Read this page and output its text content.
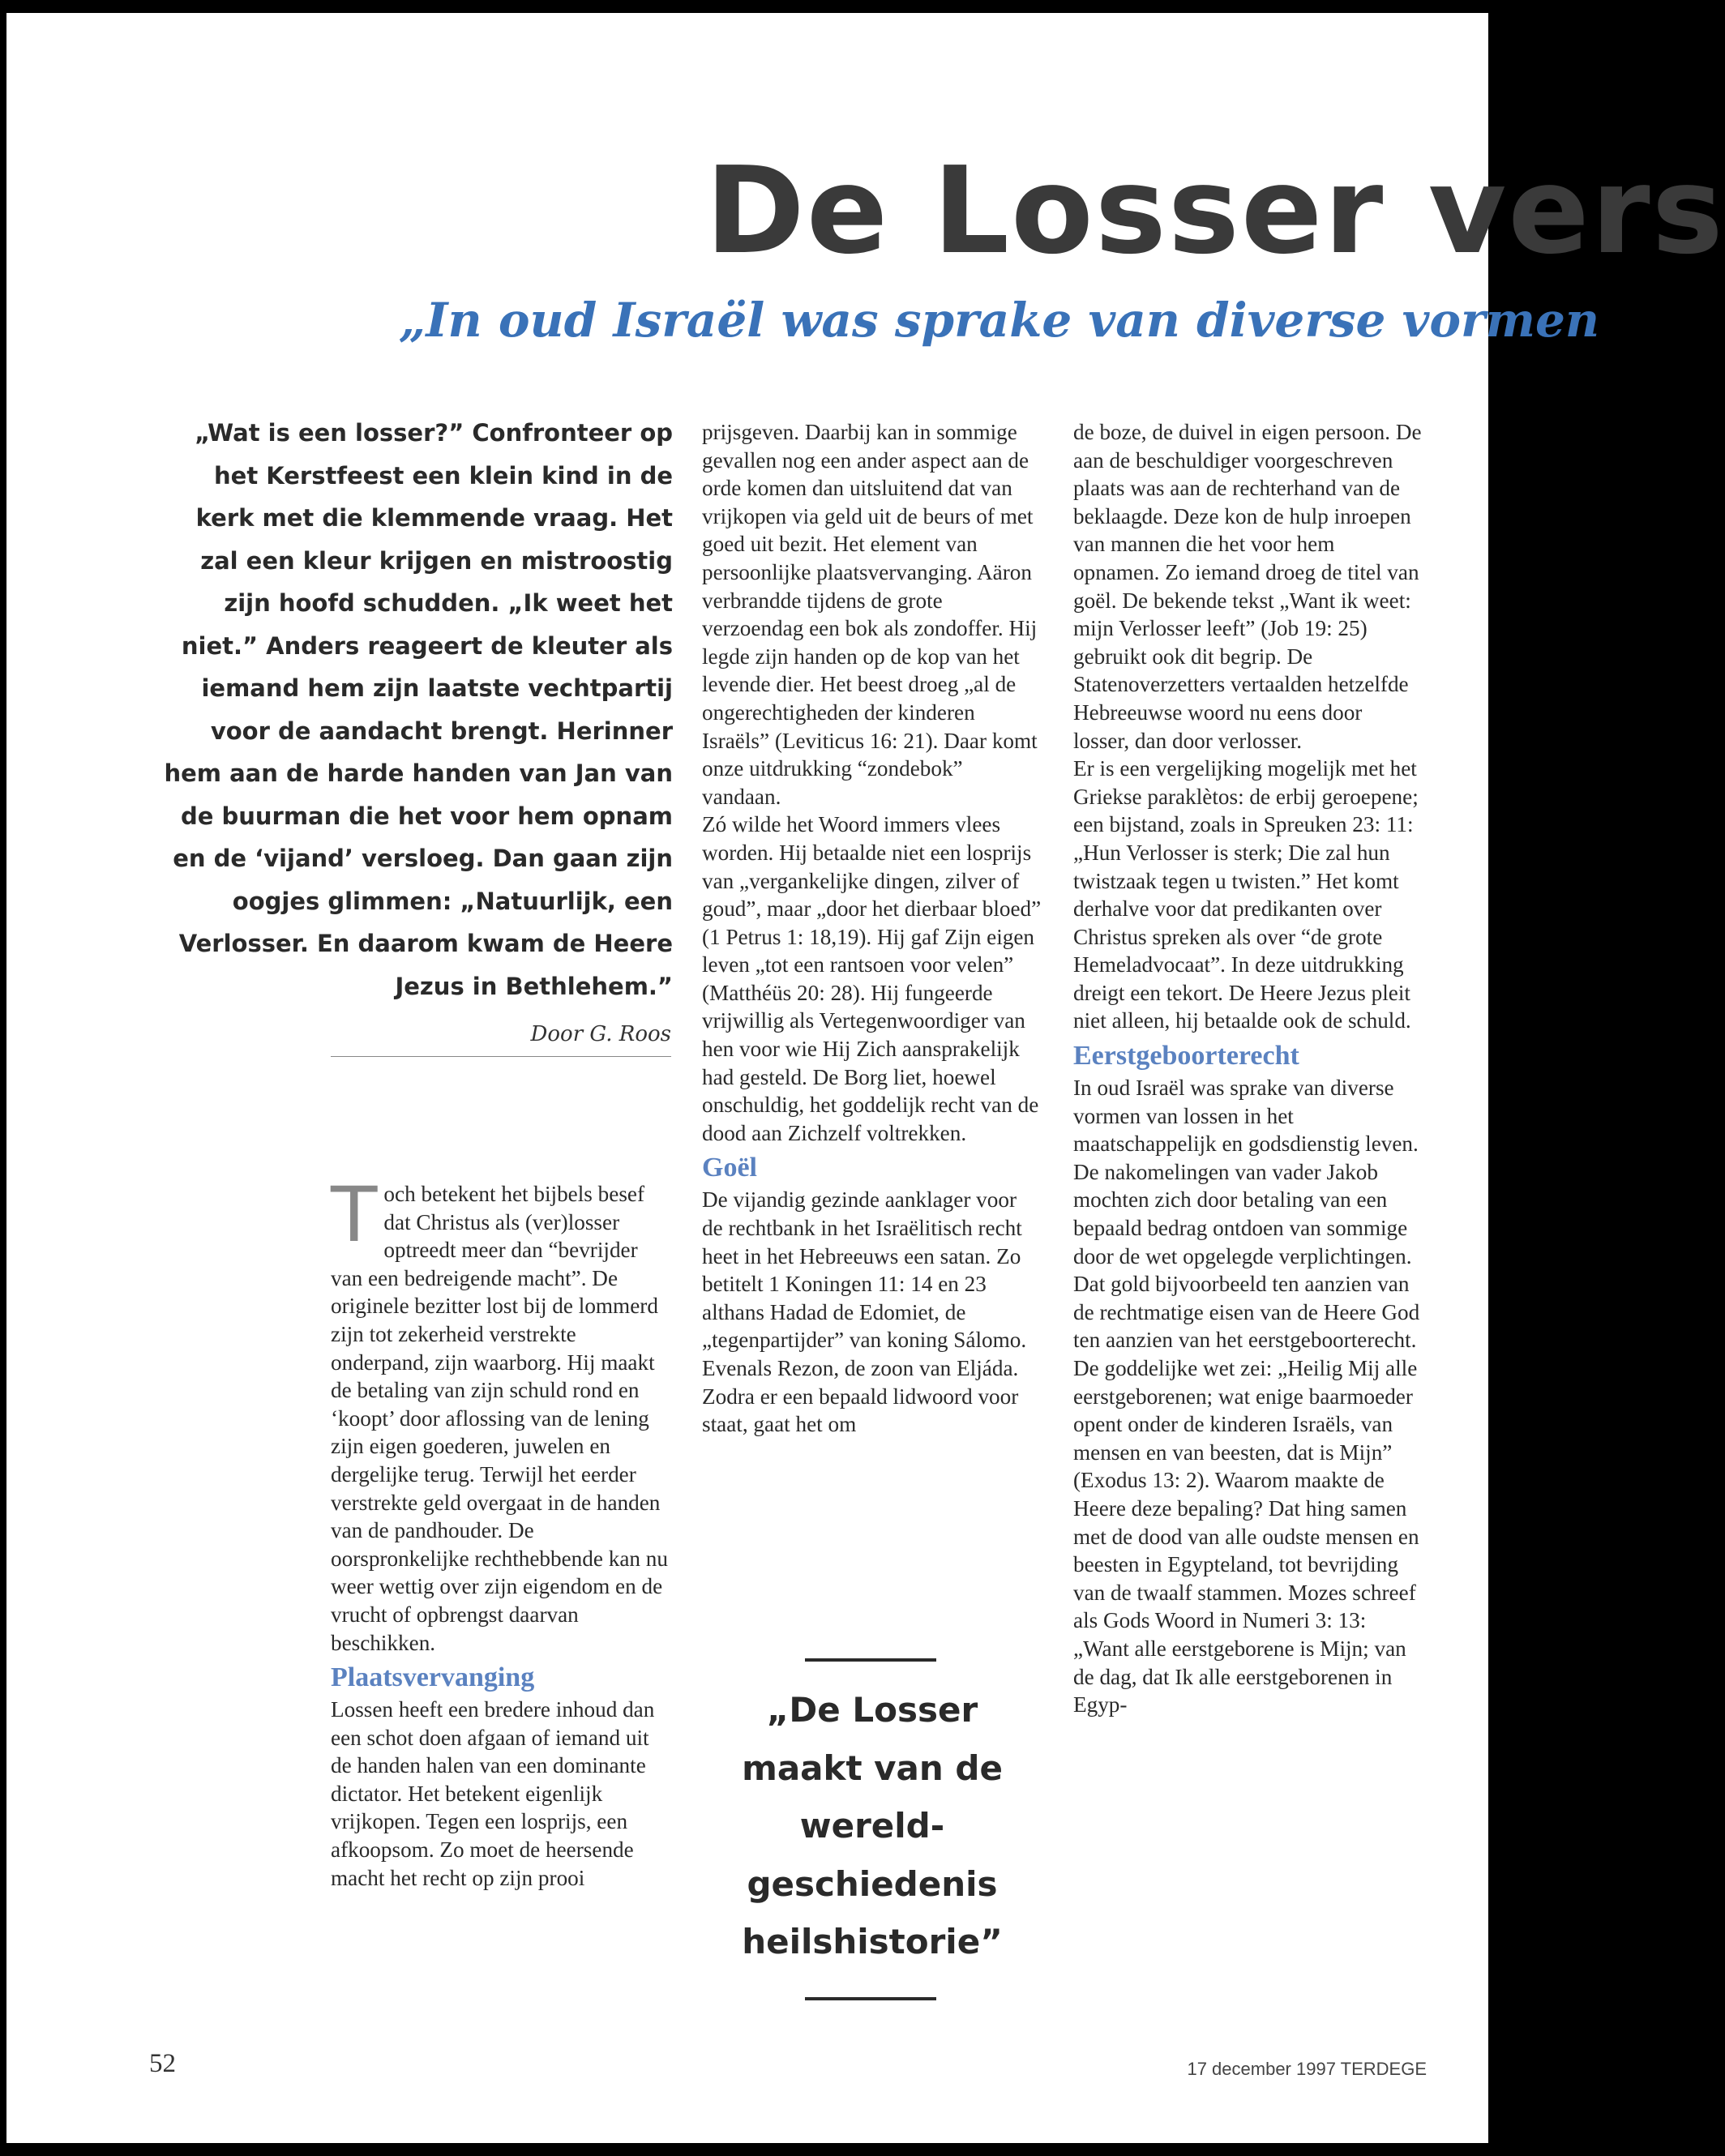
De Losser vers
„In oud Israël was sprake van diverse vormen

„Wat is een losser?” Confronteer op het Kerstfeest een klein kind in de kerk met die klemmende vraag. Het zal een kleur krijgen en mistroostig zijn hoofd schudden. „Ik weet het niet.” Anders reageert de kleuter als iemand hem zijn laatste vechtpartij voor de aandacht brengt. Herinner hem aan de harde handen van Jan van de buurman die het voor hem opnam en de ‘vijand’ versloeg. Dan gaan zijn oogjes glimmen: „Natuurlijk, een Verlosser. En daarom kwam de Heere Jezus in Bethlehem.”

Door G. Roos
T och betekent het bijbels besef dat Christus als (ver)losser optreedt meer dan “bevrijder van een bedreigende macht”. De originele bezitter lost bij de lommerd zijn tot zekerheid verstrekte onderpand, zijn waarborg. Hij maakt de betaling van zijn schuld rond en ‘koopt’ door aflossing van de lening zijn eigen goederen, juwelen en dergelijke terug. Terwijl het eerder verstrekte geld overgaat in de handen van de pandhouder. De oorspronkelijke rechthebbende kan nu weer wettig over zijn eigendom en de vrucht of opbrengst daarvan beschikken.

Plaatsvervanging

Lossen heeft een bredere inhoud dan een schot doen afgaan of iemand uit de handen halen van een dominante dictator. Het betekent eigenlijk vrijkopen. Tegen een losprijs, een afkoopsom. Zo moet de heersende macht het recht op zijn prooi

prijsgeven. Daarbij kan in sommige gevallen nog een ander aspect aan de orde komen dan uitsluitend dat van vrijkopen via geld uit de beurs of met goed uit bezit. Het element van persoonlijke plaatsvervanging. Aäron verbrandde tijdens de grote verzoendag een bok als zondoffer. Hij legde zijn handen op de kop van het levende dier. Het beest droeg „al de ongerechtigheden der kinderen Israëls” (Leviticus 16: 21). Daar komt onze uitdrukking “zondebok” vandaan.

Zó wilde het Woord immers vlees worden. Hij betaalde niet een losprijs van „vergankelijke dingen, zilver of goud”, maar „door het dierbaar bloed” (1 Petrus 1: 18,19). Hij gaf Zijn eigen leven „tot een rantsoen voor velen” (Matthéüs 20: 28). Hij fungeerde vrijwillig als Vertegenwoordiger van hen voor wie Hij Zich aansprakelijk had gesteld. De Borg liet, hoewel onschuldig, het goddelijk recht van de dood aan Zichzelf voltrekken.

Goël

De vijandig gezinde aanklager voor de rechtbank in het Israëlitisch recht heet in het Hebreeuws een satan. Zo betitelt 1 Koningen 11: 14 en 23 althans Hadad de Edomiet, de „tegenpartijder” van koning Sálomo. Evenals Rezon, de zoon van Eljáda. Zodra er een bepaald lidwoord voor staat, gaat het om

„De Losser maakt van de wereld-geschiedenis heilshistorie”

de boze, de duivel in eigen persoon. De aan de beschuldiger voorgeschreven plaats was aan de rechterhand van de beklaagde. Deze kon de hulp inroepen van mannen die het voor hem opnamen. Zo iemand droeg de titel van goël. De bekende tekst „Want ik weet: mijn Verlosser leeft” (Job 19: 25) gebruikt ook dit begrip. De Statenoverzetters vertaalden hetzelfde Hebreeuwse woord nu eens door losser, dan door verlosser.

Er is een vergelijking mogelijk met het Griekse paraklètos: de erbij geroepene; een bijstand, zoals in Spreuken 23: 11: „Hun Verlosser is sterk; Die zal hun twistzaak tegen u twisten.” Het komt derhalve voor dat predikanten over Christus spreken als over “de grote Hemeladvocaat”. In deze uitdrukking dreigt een tekort. De Heere Jezus pleit niet alleen, hij betaalde ook de schuld.

Eerstgeboorterecht

In oud Israël was sprake van diverse vormen van lossen in het maatschappelijk en godsdienstig leven. De nakomelingen van vader Jakob mochten zich door betaling van een bepaald bedrag ontdoen van sommige door de wet opgelegde verplichtingen. Dat gold bijvoorbeeld ten aanzien van de rechtmatige eisen van de Heere God ten aanzien van het eerstgeboorterecht.

De goddelijke wet zei: „Heilig Mij alle eerstgeborenen; wat enige baarmoeder opent onder de kinderen Israëls, van mensen en van beesten, dat is Mijn” (Exodus 13: 2). Waarom maakte de Heere deze bepaling? Dat hing samen met de dood van alle oudste mensen en beesten in Egypteland, tot bevrijding van de twaalf stammen. Mozes schreef als Gods Woord in Numeri 3: 13: „Want alle eerstgeborene is Mijn; van de dag, dat Ik alle eerstgeborenen in Egyp-

52	17 december 1997 TERDEGE
